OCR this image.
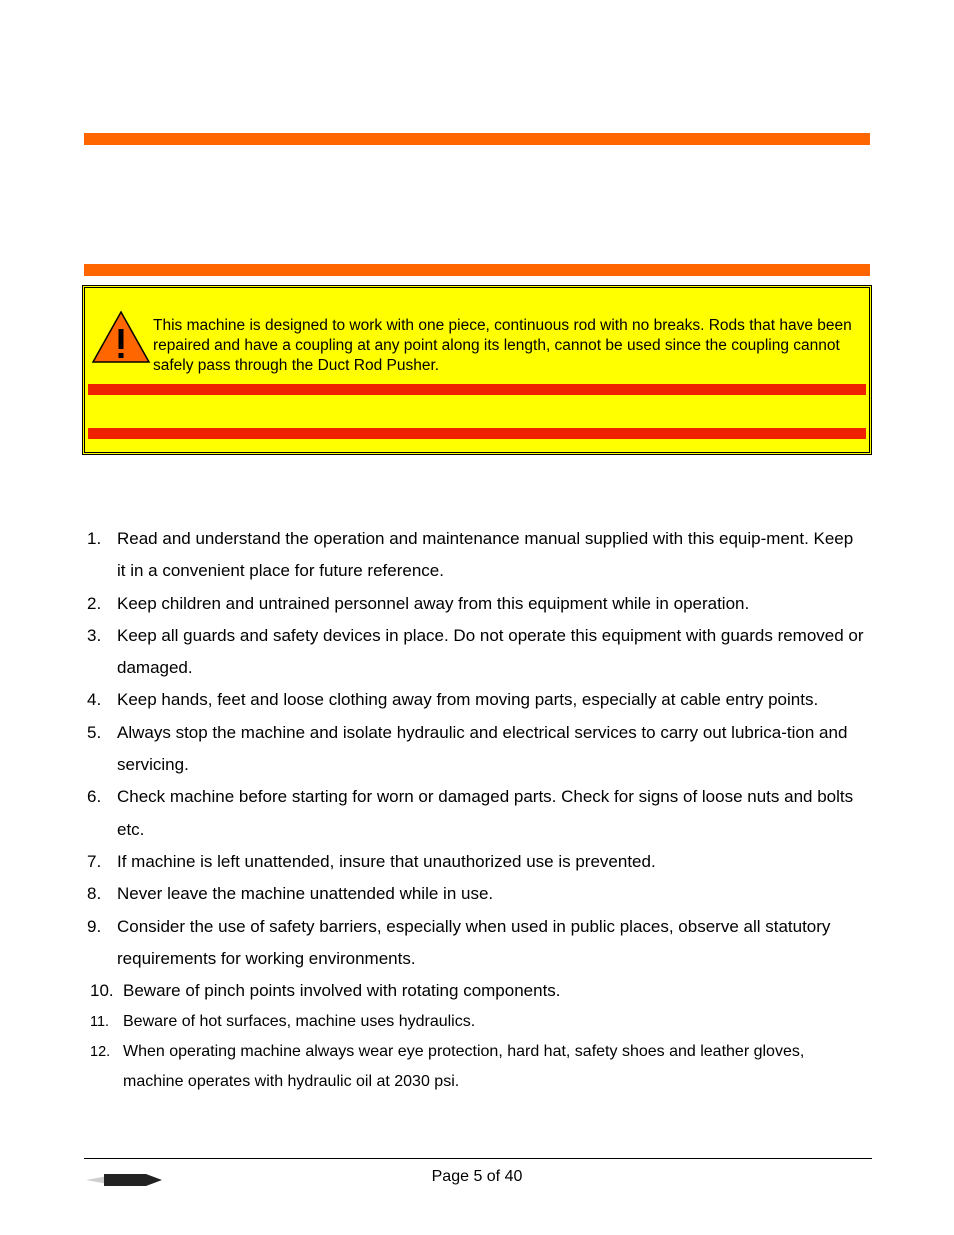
This machine is designed to work with one piece, continuous rod with no breaks. Rods that have been repaired and have a coupling at any point along its length, cannot be used since the coupling cannot safely pass through the Duct Rod Pusher.

1. Read and understand the operation and maintenance manual supplied with this equip-ment. Keep it in a convenient place for future reference.
2. Keep children and untrained personnel away from this equipment while in operation.
3. Keep all guards and safety devices in place. Do not operate this equipment with guards removed or damaged.
4. Keep hands, feet and loose clothing away from moving parts, especially at cable entry points.
5. Always stop the machine and isolate hydraulic and electrical services to carry out lubrica-tion and servicing.
6. Check machine before starting for worn or damaged parts. Check for signs of loose nuts and bolts etc.
7. If machine is left unattended, insure that unauthorized use is prevented.
8. Never leave the machine unattended while in use.
9. Consider the use of safety barriers, especially when used in public places, observe all statutory requirements for working environments.
10. Beware of pinch points involved with rotating components.
11. Beware of hot surfaces, machine uses hydraulics.
12. When operating machine always wear eye protection, hard hat, safety shoes and leather gloves, machine operates with hydraulic oil at 2030 psi.
Page 5 of 40
